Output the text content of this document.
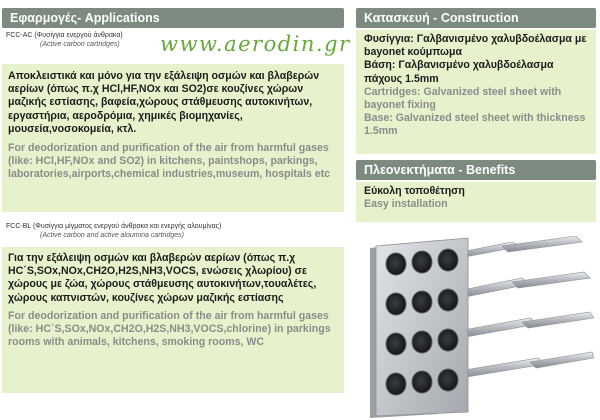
Εφαρμογές- Applications
www.aerodin.gr
FCC-AC (Φυσίγγια ενεργού άνθρακα)
(Active carbon cartridges)
Αποκλειστικά και μόνο για την εξάλειψη οσμών και βλαβερών αερίων (όπως π.χ HCl,HF,NOx και SO2)σε κουζίνες χώρων μαζικής εστίασης, βαφεία,χώρους στάθμευσης αυτοκινήτων, εργαστήρια, αεροδρόμια, χημικές βιομηχανίες, μουσεία,νοσοκομεία, κτλ.
For deodorization and purification of the air from harmful gases (like: HCl,HF,NOx and SO2) in kitchens, paintshops, parkings, laboratories,airports,chemical industries,museum, hospitals etc
FCC-BL (Φυσίγγια μίγματος ενεργού άνθρακα και ενεργής αλουμίνας)
(Active carbon and active aloumina cartridges)
Για την εξάλειψη οσμών και βλαβερών αερίων (όπως π.χ HC΄S,SOx,NOx,CH2O,H2S,NH3,VOCS, ενώσεις χλωρίου) σε χώρους με ζώα, χώρους στάθμευσης αυτοκινήτων,τουαλέτες, χώρους καπνιστών, κουζίνες χώρων μαζικής εστίασης
For deodorization and purification of the air from harmful gases (like: HC΄S,SOx,NOx,CH2O,H2S,NH3,VOCS,chlorine) in parkings rooms with animals, kitchens, smoking rooms, WC
Κατασκευή - Construction
Φυσίγγια: Γαλβανισμένο χαλυβδοέλασμα με bayonet κούμπωμα
Βάση: Γαλβανισμένο χαλυβδοέλασμα πάχους 1.5mm
Cartridges: Galvanized steel sheet with bayonet fixing
Base: Galvanized steel sheet with thickness 1.5mm
Πλεονεκτήματα - Benefits
Εύκολη τοποθέτηση
Easy installation
